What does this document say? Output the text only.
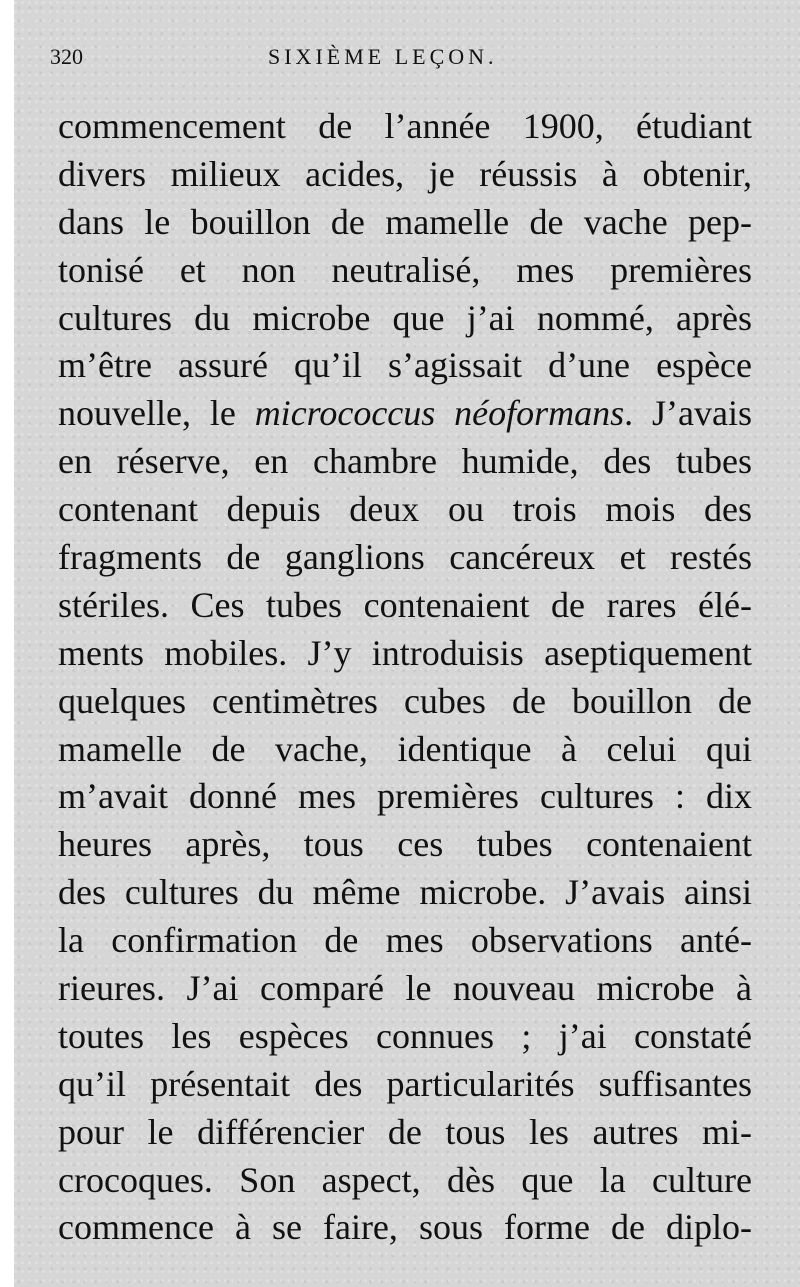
320	SIXIÈME LEÇON.
commencement de l’année 1900, étudiant
divers milieux acides, je réussis à obtenir,
dans le bouillon de mamelle de vache pep-
tonisé et non neutralisé, mes premières
cultures du microbe que j’ai nommé, après
m’être assuré qu’il s’agissait d’une espèce
nouvelle, le micrococcus néoformans. J’avais
en réserve, en chambre humide, des tubes
contenant depuis deux ou trois mois des
fragments de ganglions cancéreux et restés
stériles. Ces tubes contenaient de rares élé-
ments mobiles. J’y introduisis aseptiquement
quelques centimètres cubes de bouillon de
mamelle de vache, identique à celui qui
m’avait donné mes premières cultures : dix
heures après, tous ces tubes contenaient
des cultures du même microbe. J’avais ainsi
la confirmation de mes observations anté-
rieures. J’ai comparé le nouveau microbe à
toutes les espèces connues ; j’ai constaté
qu’il présentait des particularités suffisantes
pour le différencier de tous les autres mi-
crocoques. Son aspect, dès que la culture
commence à se faire, sous forme de diplo-
